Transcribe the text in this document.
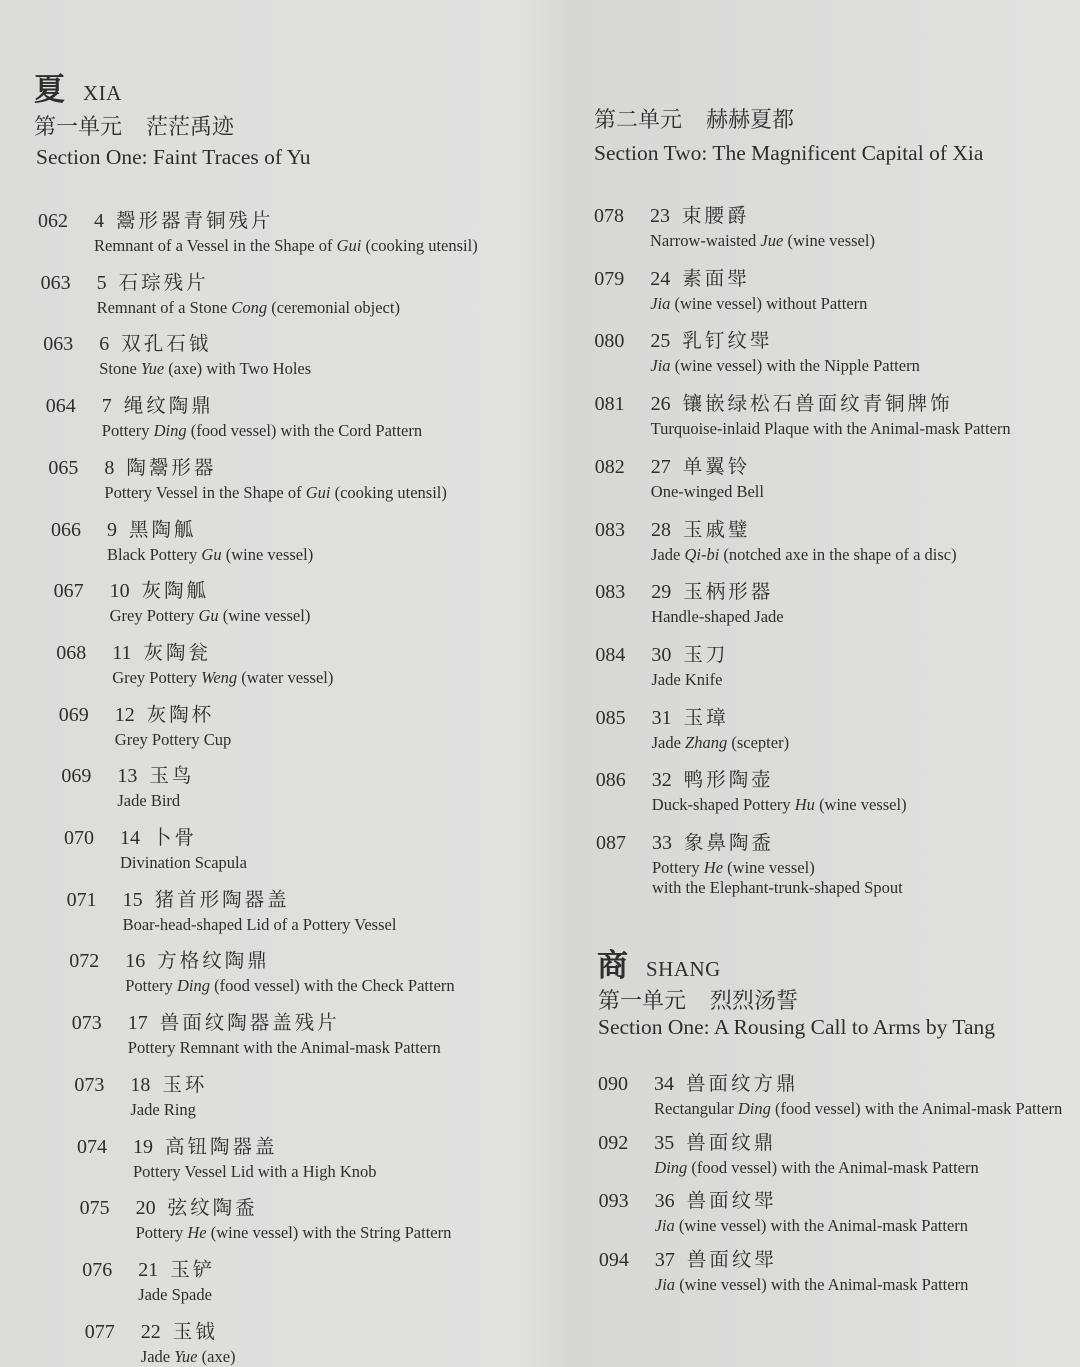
夏 XIA
第一单元 茫茫禹迹
Section One: Faint Traces of Yu
062 4 鬶形器青铜残片
Remnant of a Vessel in the Shape of Gui (cooking utensil)
063 5 石琮残片
Remnant of a Stone Cong (ceremonial object)
063 6 双孔石钺
Stone Yue (axe) with Two Holes
064 7 绳纹陶鼎
Pottery Ding (food vessel) with the Cord Pattern
065 8 陶鬶形器
Pottery Vessel in the Shape of Gui (cooking utensil)
066 9 黑陶觚
Black Pottery Gu (wine vessel)
067 10 灰陶觚
Grey Pottery Gu (wine vessel)
068 11 灰陶瓮
Grey Pottery Weng (water vessel)
069 12 灰陶杯
Grey Pottery Cup
069 13 玉鸟
Jade Bird
070 14 卜骨
Divination Scapula
071 15 猪首形陶器盖
Boar-head-shaped Lid of a Pottery Vessel
072 16 方格纹陶鼎
Pottery Ding (food vessel) with the Check Pattern
073 17 兽面纹陶器盖残片
Pottery Remnant with the Animal-mask Pattern
073 18 玉环
Jade Ring
074 19 高钮陶器盖
Pottery Vessel Lid with a High Knob
075 20 弦纹陶盉
Pottery He (wine vessel) with the String Pattern
076 21 玉铲
Jade Spade
077 22 玉钺
Jade Yue (axe)
第二单元 赫赫夏都
Section Two: The Magnificent Capital of Xia
078 23 束腰爵
Narrow-waisted Jue (wine vessel)
079 24 素面斝
Jia (wine vessel) without Pattern
080 25 乳钉纹斝
Jia (wine vessel) with the Nipple Pattern
081 26 镶嵌绿松石兽面纹青铜牌饰
Turquoise-inlaid Plaque with the Animal-mask Pattern
082 27 单翼铃
One-winged Bell
083 28 玉戚璧
Jade Qi-bi (notched axe in the shape of a disc)
083 29 玉柄形器
Handle-shaped Jade
084 30 玉刀
Jade Knife
085 31 玉璋
Jade Zhang (scepter)
086 32 鸭形陶壶
Duck-shaped Pottery Hu (wine vessel)
087 33 象鼻陶盉
Pottery He (wine vessel)
with the Elephant-trunk-shaped Spout
商 SHANG
第一单元 烈烈汤誓
Section One: A Rousing Call to Arms by Tang
090 34 兽面纹方鼎
Rectangular Ding (food vessel) with the Animal-mask Pattern
092 35 兽面纹鼎
Ding (food vessel) with the Animal-mask Pattern
093 36 兽面纹斝
Jia (wine vessel) with the Animal-mask Pattern
094 37 兽面纹斝
Jia (wine vessel) with the Animal-mask Pattern
